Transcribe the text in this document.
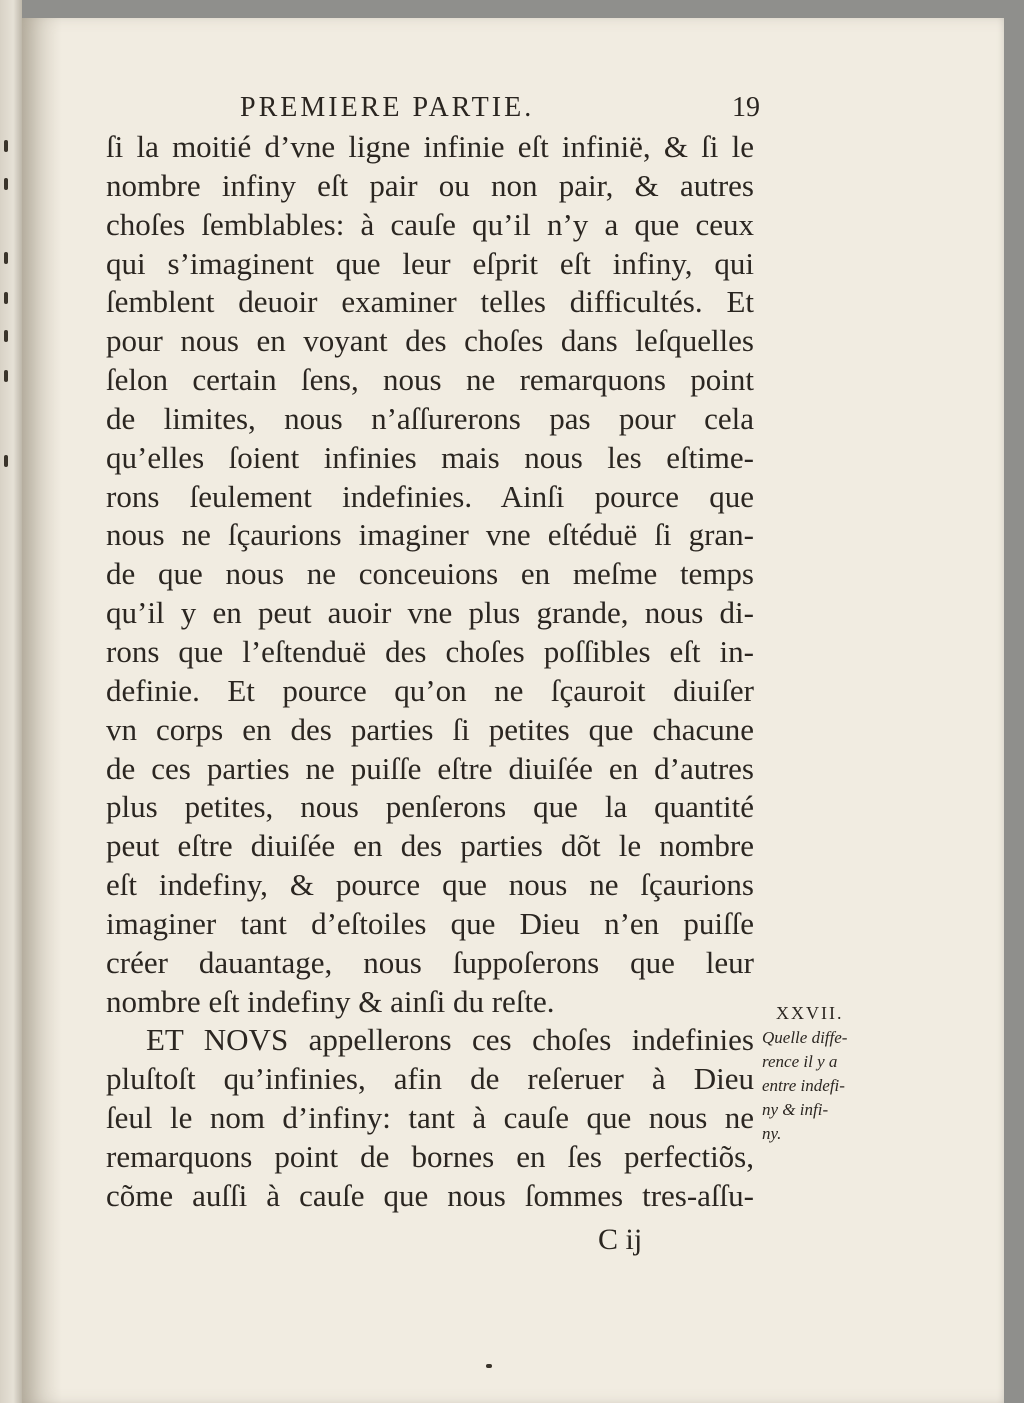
PREMIERE PARTIE.	19
ſi la moitié d’vne ligne infinie eſt infinië, & ſi le
nombre infiny eſt pair ou non pair, & autres
choſes ſemblables: à cauſe qu’il n’y a que ceux
qui s’imaginent que leur eſprit eſt infiny, qui
ſemblent deuoir examiner telles difficultés. Et
pour nous en voyant des choſes dans leſquelles
ſelon certain ſens, nous ne remarquons point
de limites, nous n’aſſurerons pas pour cela
qu’elles ſoient infinies mais nous les eſtime-
rons ſeulement indefinies. Ainſi pource que
nous ne ſçaurions imaginer vne eſtéduë ſi gran-
de que nous ne conceuions en meſme temps
qu’il y en peut auoir vne plus grande, nous di-
rons que l’eſtenduë des choſes poſſibles eſt in-
definie. Et pource qu’on ne ſçauroit diuiſer
vn corps en des parties ſi petites que chacune
de ces parties ne puiſſe eſtre diuiſée en d’autres
plus petites, nous penſerons que la quantité
peut eſtre diuiſée en des parties dõt le nombre
eſt indefiny, & pource que nous ne ſçaurions
imaginer tant d’eſtoiles que Dieu n’en puiſſe
créer dauantage, nous ſuppoſerons que leur
nombre eſt indefiny & ainſi du reſte.
ET NOVS appellerons ces choſes indefinies
pluſtoſt qu’infinies, afin de reſeruer à Dieu
ſeul le nom d’infiny: tant à cauſe que nous ne
remarquons point de bornes en ſes perfectiõs,
cõme auſſi à cauſe que nous ſommes tres-aſſu-
XXVII.
Quelle diffe-
rence il y a
entre indefi-
ny & infi-
ny.
C ij
